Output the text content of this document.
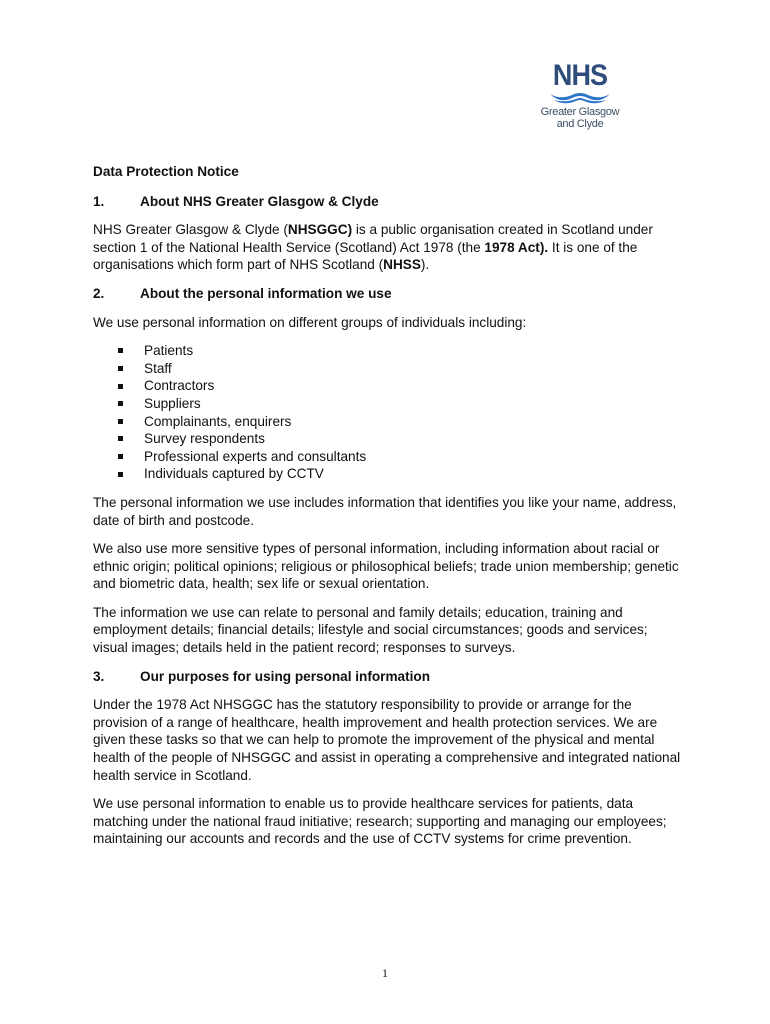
NHS
Greater Glasgow
and Clyde
Data Protection Notice
1.	About NHS Greater Glasgow & Clyde

NHS Greater Glasgow & Clyde (NHSGGC) is a public organisation created in Scotland under section 1 of the National Health Service (Scotland) Act 1978 (the 1978 Act). It is one of the organisations which form part of NHS Scotland (NHSS).

2.	About the personal information we use

We use personal information on different groups of individuals including:

Patients
Staff
Contractors
Suppliers
Complainants, enquirers
Survey respondents
Professional experts and consultants
Individuals captured by CCTV

The personal information we use includes information that identifies you like your name, address, date of birth and postcode.

We also use more sensitive types of personal information, including information about racial or ethnic origin; political opinions; religious or philosophical beliefs; trade union membership; genetic and biometric data, health; sex life or sexual orientation.

The information we use can relate to personal and family details; education, training and employment details; financial details; lifestyle and social circumstances; goods and services; visual images; details held in the patient record; responses to surveys.

3.	Our purposes for using personal information

Under the 1978 Act NHSGGC has the statutory responsibility to provide or arrange for the provision of a range of healthcare, health improvement and health protection services. We are given these tasks so that we can help to promote the improvement of the physical and mental health of the people of NHSGGC and assist in operating a comprehensive and integrated national health service in Scotland.

We use personal information to enable us to provide healthcare services for patients, data matching under the national fraud initiative; research; supporting and managing our employees; maintaining our accounts and records and the use of CCTV systems for crime prevention.

1
